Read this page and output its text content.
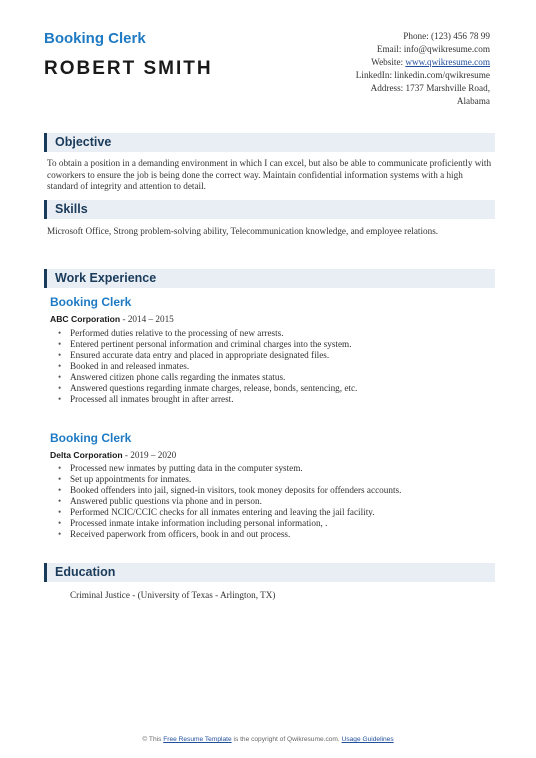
Booking Clerk
ROBERT SMITH
Phone: (123) 456 78 99
Email: info@qwikresume.com
Website: www.qwikresume.com
LinkedIn: linkedin.com/qwikresume
Address: 1737 Marshville Road,
Alabama
Objective
To obtain a position in a demanding environment in which I can excel, but also be able to communicate proficiently with coworkers to ensure the job is being done the correct way. Maintain confidential information systems with a high standard of integrity and attention to detail.
Skills
Microsoft Office, Strong problem-solving ability, Telecommunication knowledge, and employee relations.
Work Experience
Booking Clerk
ABC Corporation - 2014 – 2015
• Performed duties relative to the processing of new arrests.
• Entered pertinent personal information and criminal charges into the system.
• Ensured accurate data entry and placed in appropriate designated files.
• Booked in and released inmates.
• Answered citizen phone calls regarding the inmates status.
• Answered questions regarding inmate charges, release, bonds, sentencing, etc.
• Processed all inmates brought in after arrest.
Booking Clerk
Delta Corporation - 2019 – 2020
• Processed new inmates by putting data in the computer system.
• Set up appointments for inmates.
• Booked offenders into jail, signed-in visitors, took money deposits for offenders accounts.
• Answered public questions via phone and in person.
• Performed NCIC/CCIC checks for all inmates entering and leaving the jail facility.
• Processed inmate intake information including personal information, .
• Received paperwork from officers, book in and out process.
Education
Criminal Justice - (University of Texas - Arlington, TX)
© This Free Resume Template is the copyright of Qwikresume.com. Usage Guidelines
